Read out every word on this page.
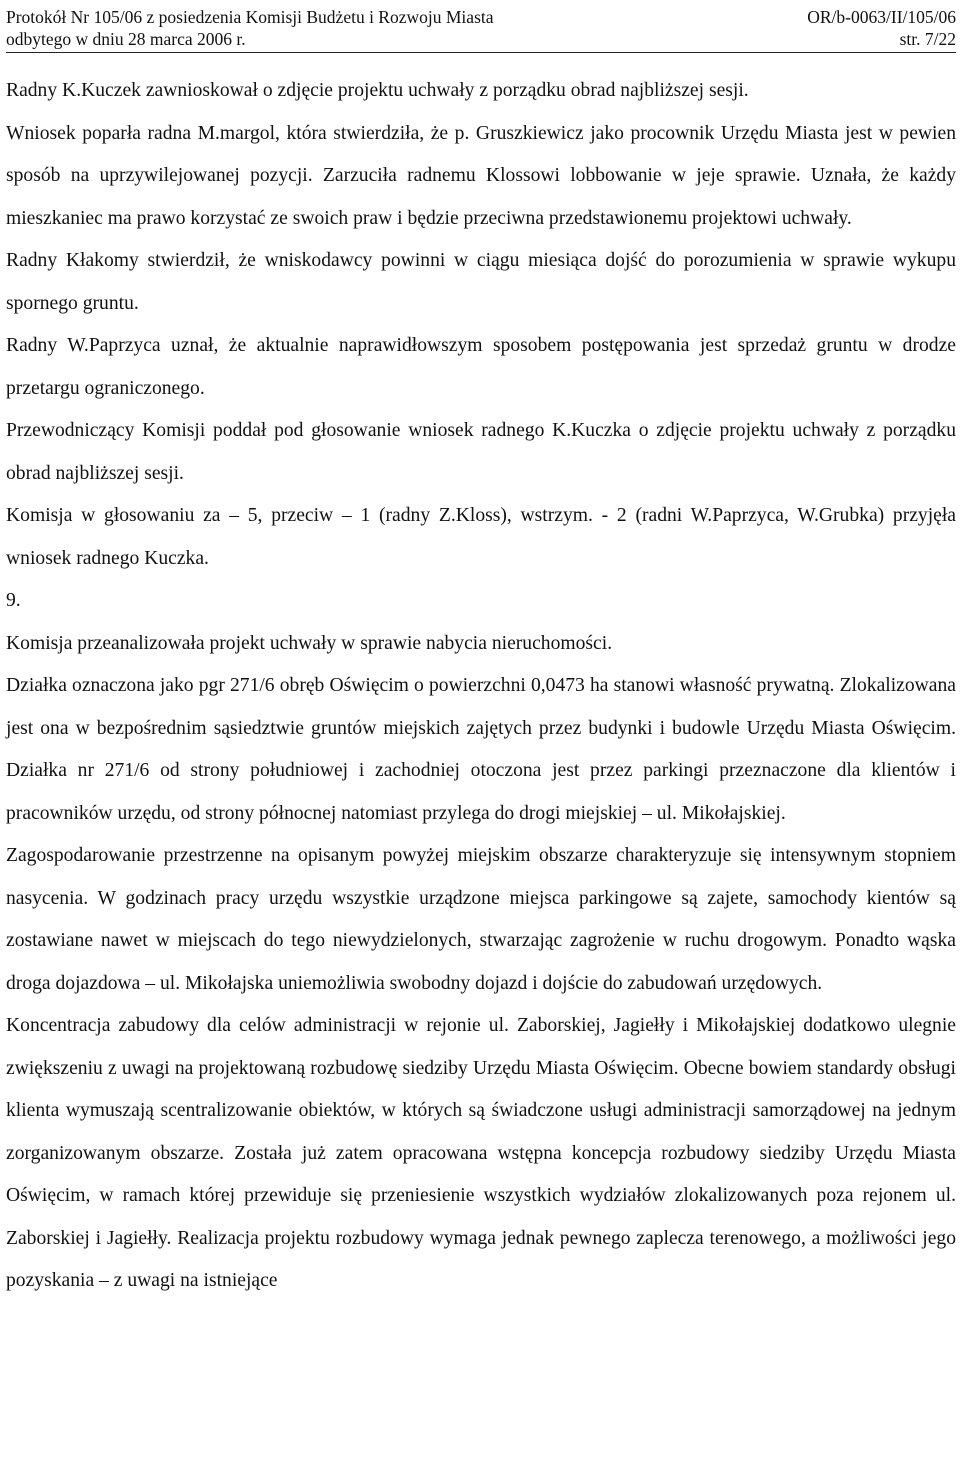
Protokół Nr 105/06 z posiedzenia Komisji Budżetu i Rozwoju Miasta	OR/b-0063/II/105/06
odbytego w dniu 28 marca 2006 r.	str. 7/22

Radny K.Kuczek zawnioskował o zdjęcie projektu uchwały z porządku obrad najbliższej sesji.

Wniosek poparła radna M.margol, która stwierdziła, że p. Gruszkiewicz jako procownik Urzędu Miasta jest w pewien sposób na uprzywilejowanej pozycji. Zarzuciła radnemu Klossowi lobbowanie w jeje sprawie. Uznała, że każdy mieszkaniec ma prawo korzystać ze swoich praw i będzie przeciwna przedstawionemu projektowi uchwały.

Radny Kłakomy stwierdził, że wniskodawcy powinni w ciągu miesiąca dojść do porozumienia w sprawie wykupu spornego gruntu.

Radny W.Paprzyca uznał, że aktualnie naprawidłowszym sposobem postępowania jest sprzedaż gruntu w drodze przetargu ograniczonego.

Przewodniczący Komisji poddał pod głosowanie wniosek radnego K.Kuczka o zdjęcie projektu uchwały z porządku obrad najbliższej sesji.

Komisja w głosowaniu za – 5, przeciw – 1 (radny Z.Kloss), wstrzym. - 2 (radni W.Paprzyca, W.Grubka) przyjęła wniosek radnego Kuczka.

9.

Komisja przeanalizowała projekt uchwały w sprawie nabycia nieruchomości.

Działka oznaczona jako pgr 271/6 obręb Oświęcim o powierzchni 0,0473 ha stanowi własność prywatną. Zlokalizowana jest ona w bezpośrednim sąsiedztwie gruntów miejskich zajętych przez budynki i budowle Urzędu Miasta Oświęcim. Działka nr 271/6 od strony południowej i zachodniej otoczona jest przez parkingi przeznaczone dla klientów i pracowników urzędu, od strony północnej natomiast przylega do drogi miejskiej – ul. Mikołajskiej.

Zagospodarowanie przestrzenne na opisanym powyżej miejskim obszarze charakteryzuje się intensywnym stopniem nasycenia. W godzinach pracy urzędu wszystkie urządzone miejsca parkingowe są zajete, samochody kientów są zostawiane nawet w miejscach do tego niewydzielonych, stwarzając zagrożenie w ruchu drogowym. Ponadto wąska droga dojazdowa – ul. Mikołajska uniemożliwia swobodny dojazd i dojście do zabudowań urzędowych.

Koncentracja zabudowy dla celów administracji w rejonie ul. Zaborskiej, Jagiełły i Mikołajskiej dodatkowo ulegnie zwiększeniu z uwagi na projektowaną rozbudowę siedziby Urzędu Miasta Oświęcim. Obecne bowiem standardy obsługi klienta wymuszają scentralizowanie obiektów, w których są świadczone usługi administracji samorządowej na jednym zorganizowanym obszarze. Została już zatem opracowana wstępna koncepcja rozbudowy siedziby Urzędu Miasta Oświęcim, w ramach której przewiduje się przeniesienie wszystkich wydziałów zlokalizowanych poza rejonem ul. Zaborskiej i Jagiełły. Realizacja projektu rozbudowy wymaga jednak pewnego zaplecza terenowego, a możliwości jego pozyskania – z uwagi na istniejące
